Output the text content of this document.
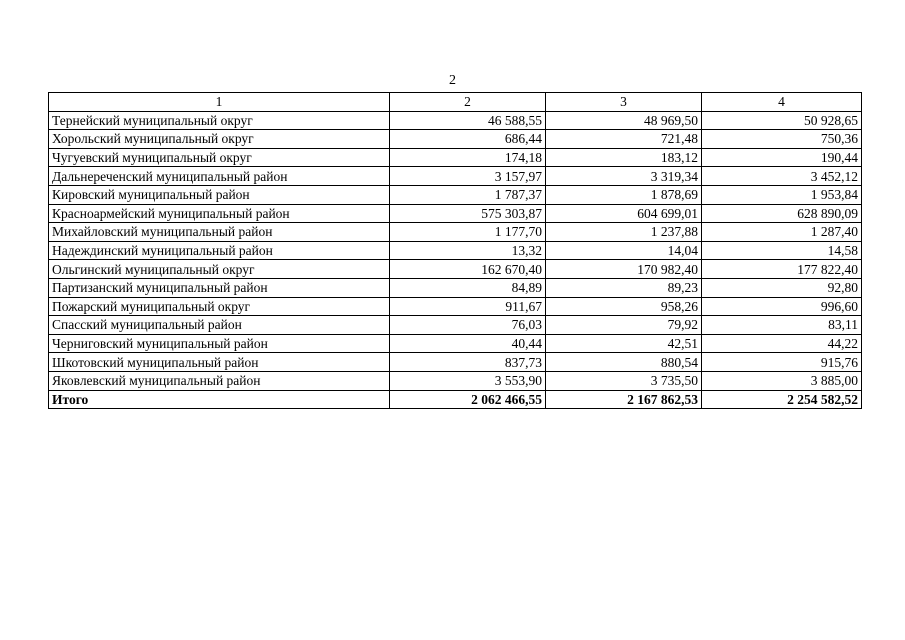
2
1	2	3	4
Тернейский муниципальный округ	46 588,55	48 969,50	50 928,65
Хорольский муниципальный округ	686,44	721,48	750,36
Чугуевский муниципальный округ	174,18	183,12	190,44
Дальнереченский муниципальный район	3 157,97	3 319,34	3 452,12
Кировский муниципальный район	1 787,37	1 878,69	1 953,84
Красноармейский муниципальный район	575 303,87	604 699,01	628 890,09
Михайловский муниципальный район	1 177,70	1 237,88	1 287,40
Надеждинский муниципальный район	13,32	14,04	14,58
Ольгинский муниципальный округ	162 670,40	170 982,40	177 822,40
Партизанский муниципальный район	84,89	89,23	92,80
Пожарский муниципальный округ	911,67	958,26	996,60
Спасский муниципальный район	76,03	79,92	83,11
Черниговский муниципальный район	40,44	42,51	44,22
Шкотовский муниципальный район	837,73	880,54	915,76
Яковлевский муниципальный район	3 553,90	3 735,50	3 885,00
Итого	2 062 466,55	2 167 862,53	2 254 582,52
